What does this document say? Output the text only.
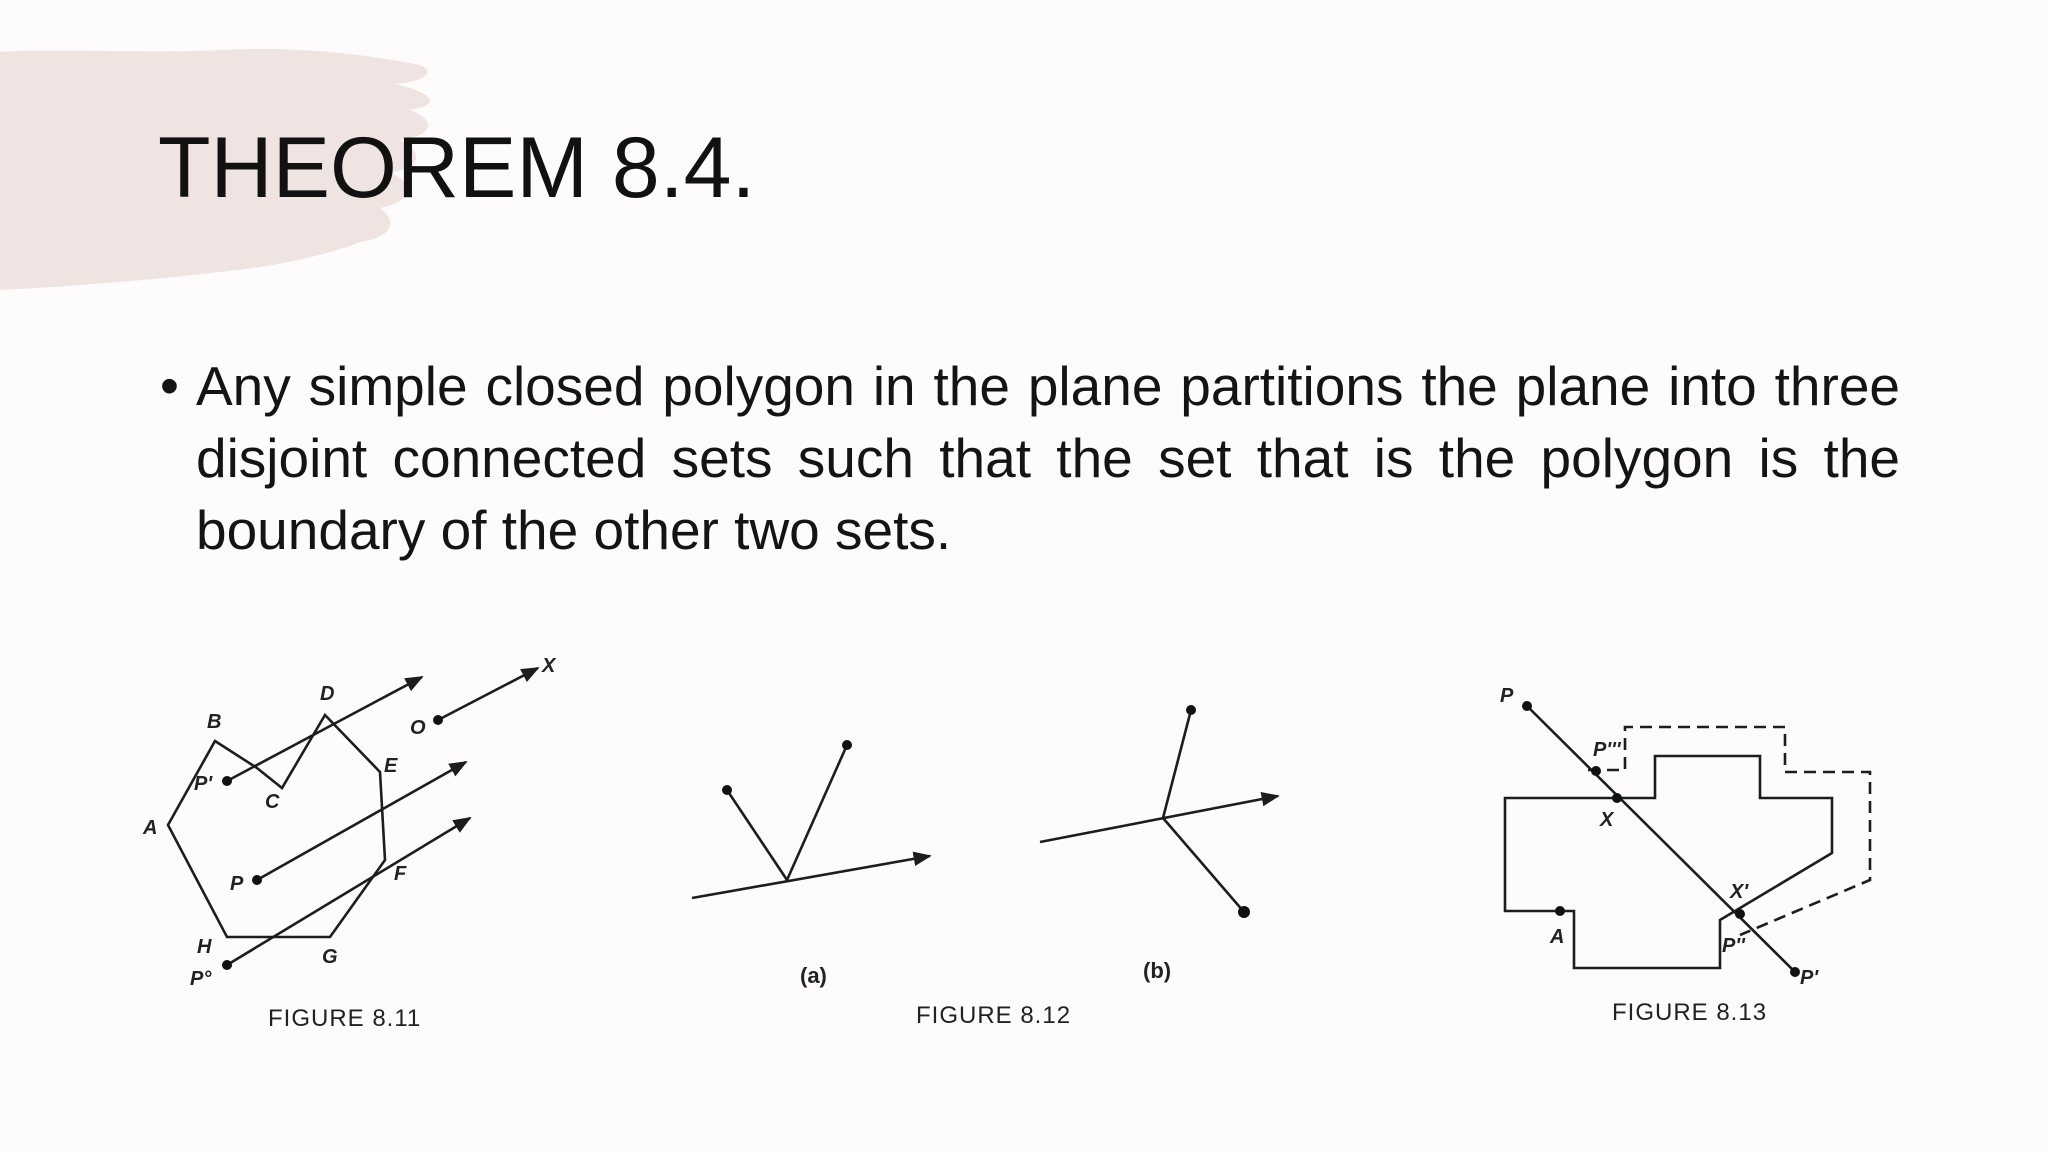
THEOREM 8.4.
• Any simple closed polygon in the plane partitions the plane into three disjoint connected sets such that the set that is the polygon is the boundary of the other two sets.
A
B
C
D
E
F
G
H
P'
P
P°
O
X
FIGURE 8.11
(a)	(b)
FIGURE 8.12
P
P'''
X
X'
P''
A
P'
FIGURE 8.13
